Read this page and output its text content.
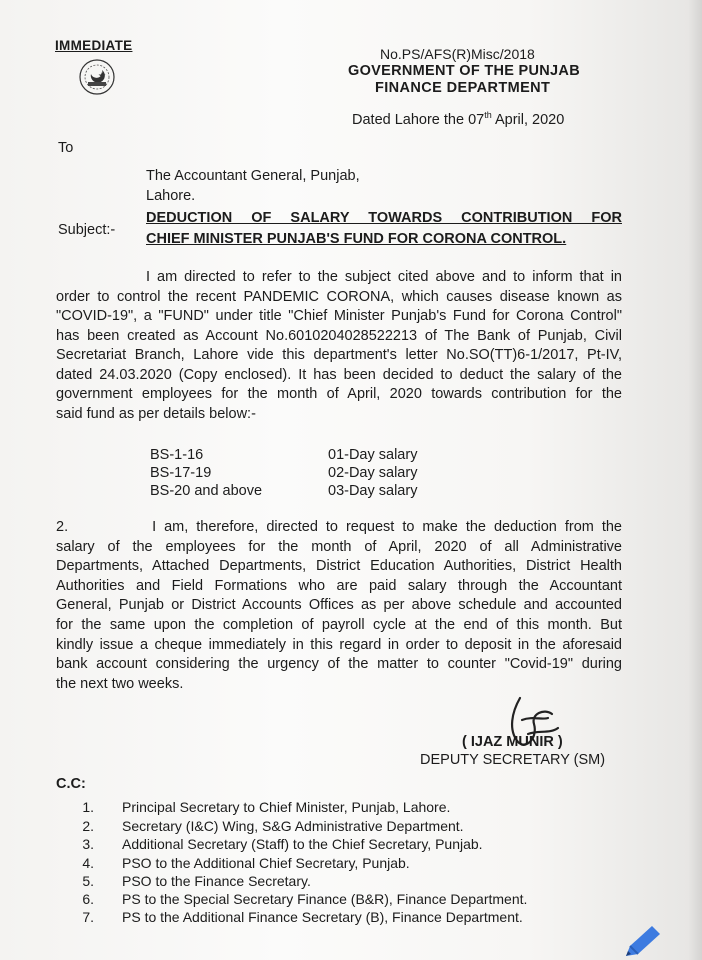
IMMEDIATE
No.PS/AFS(R)Misc/2018
GOVERNMENT OF THE PUNJAB
FINANCE DEPARTMENT
Dated Lahore the 07th April, 2020
To
The Accountant General, Punjab,
Lahore.
Subject:-
DEDUCTION OF SALARY TOWARDS CONTRIBUTION FOR
CHIEF MINISTER PUNJAB'S FUND FOR CORONA CONTROL.
I am directed to refer to the subject cited above and to inform that in
order to control the recent PANDEMIC CORONA, which causes disease known as
"COVID-19", a "FUND" under title "Chief Minister Punjab's Fund for Corona Control"
has been created as Account No.6010204028522213 of The Bank of Punjab, Civil
Secretariat Branch, Lahore vide this department's letter No.SO(TT)6-1/2017, Pt-IV,
dated 24.03.2020 (Copy enclosed). It has been decided to deduct the salary of the
government employees for the month of April, 2020 towards contribution for the
said fund as per details below:-
BS-1-16	01-Day salary
BS-17-19	02-Day salary
BS-20 and above	03-Day salary
2.	I am, therefore, directed to request to make the deduction from the
salary of the employees for the month of April, 2020 of all Administrative
Departments, Attached Departments, District Education Authorities, District Health
Authorities and Field Formations who are paid salary through the Accountant
General, Punjab or District Accounts Offices as per above schedule and accounted
for the same upon the completion of payroll cycle at the end of this month. But
kindly issue a cheque immediately in this regard in order to deposit in the aforesaid
bank account considering the urgency of the matter to counter "Covid-19" during
the next two weeks.
( IJAZ MUNIR )
DEPUTY SECRETARY (SM)
C.C:
1. Principal Secretary to Chief Minister, Punjab, Lahore.
2. Secretary (I&C) Wing, S&G Administrative Department.
3. Additional Secretary (Staff) to the Chief Secretary, Punjab.
4. PSO to the Additional Chief Secretary, Punjab.
5. PSO to the Finance Secretary.
6. PS to the Special Secretary Finance (B&R), Finance Department.
7. PS to the Additional Finance Secretary (B), Finance Department.
